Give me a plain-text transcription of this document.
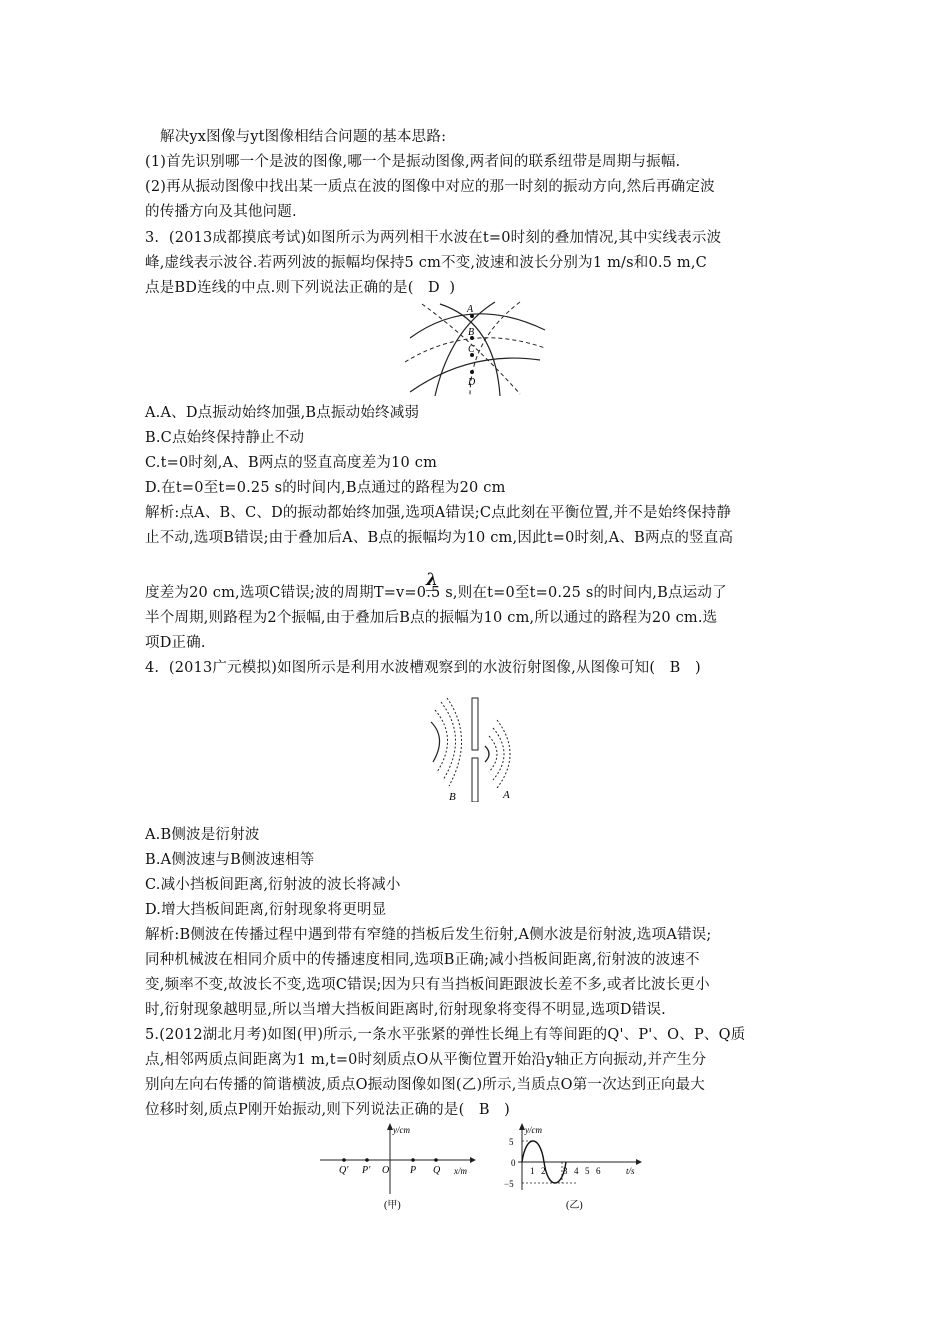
解决yx图像与yt图像相结合问题的基本思路:
(1)首先识别哪一个是波的图像,哪一个是振动图像,两者间的联系纽带是周期与振幅.
(2)再从振动图像中找出某一质点在波的图像中对应的那一时刻的振动方向,然后再确定波
的传播方向及其他问题.
3.  (2013成都摸底考试)如图所示为两列相干水波在t=0时刻的叠加情况,其中实线表示波
峰,虚线表示波谷.若两列波的振幅均保持5 cm不变,波速和波长分别为1 m/s和0.5 m,C
点是BD连线的中点.则下列说法正确的是(   D  )
A
B
C
D
A.A、D点振动始终加强,B点振动始终减弱
B.C点始终保持静止不动
C.t=0时刻,A、B两点的竖直高度差为10 cm
D.在t=0至t=0.25 s的时间内,B点通过的路程为20 cm
解析:点A、B、C、D的振动都始终加强,选项A错误;C点此刻在平衡位置,并不是始终保持静
止不动,选项B错误;由于叠加后A、B点的振幅均为10 cm,因此t=0时刻,A、B两点的竖直高
λ
度差为20 cm,选项C错误;波的周期T=v=0.5 s,则在t=0至t=0.25 s的时间内,B点运动了
半个周期,则路程为2个振幅,由于叠加后B点的振幅为10 cm,所以通过的路程为20 cm.选
项D正确.
4.  (2013广元模拟)如图所示是利用水波槽观察到的水波衍射图像,从图像可知(   B   )
B	A
A.B侧波是衍射波
B.A侧波速与B侧波速相等
C.减小挡板间距离,衍射波的波长将减小
D.增大挡板间距离,衍射现象将更明显
解析:B侧波在传播过程中遇到带有窄缝的挡板后发生衍射,A侧水波是衍射波,选项A错误;
同种机械波在相同介质中的传播速度相同,选项B正确;减小挡板间距离,衍射波的波速不
变,频率不变,故波长不变,选项C错误;因为只有当挡板间距跟波长差不多,或者比波长更小
时,衍射现象越明显,所以当增大挡板间距离时,衍射现象将变得不明显,选项D错误.
5.(2012湖北月考)如图(甲)所示,一条水平张紧的弹性长绳上有等间距的Q'、P'、O、P、Q质
点,相邻两质点间距离为1 m,t=0时刻质点O从平衡位置开始沿y轴正方向振动,并产生分
别向左向右传播的简谐横波,质点O振动图像如图(乙)所示,当质点O第一次达到正向最大
位移时刻,质点P刚开始振动,则下列说法正确的是(   B   )
y/cm
x/m
Q' P' O P Q
(甲)
y/cm
t/s
5
0
−5
1 2 3 4 5 6
(乙)
